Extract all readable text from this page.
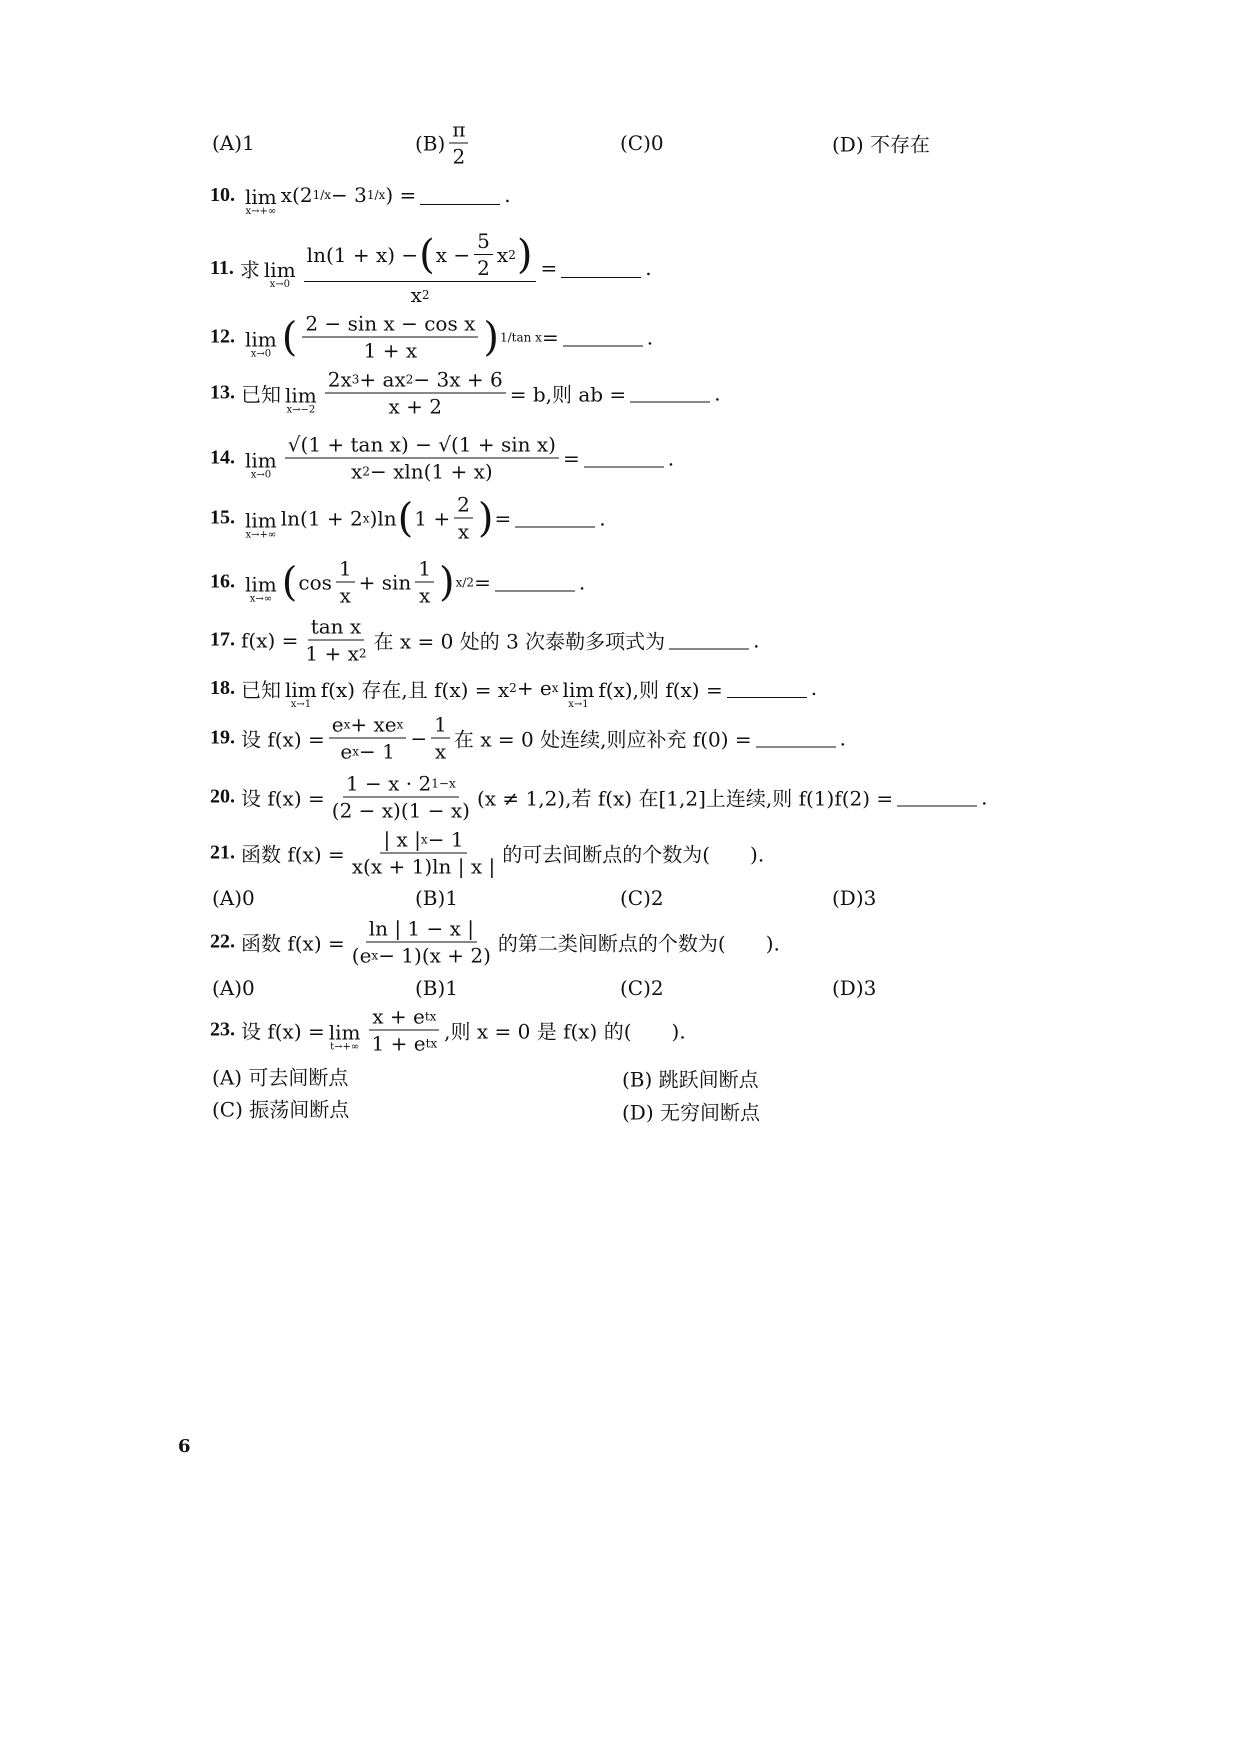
10. lim
x→+∞
x(2 1/x − 3 1/x ) =	.
11. 求 lim
$x\to 0 \frac{\ln(1 + x) - ( x - \frac{5}{2} x 2 )}{x 2}$ =	.
12. lim
x→0 ( $\frac{\text{2 − sin x − cos x}}{1 + x}$ ) 1/tan x =	.
13. 已知 lim
$x\to-2 \frac{2x 3 + ax 2 - 3x + 6}{x + 2} = b$,则 ab =	.
14. lim
$x\to 0 \frac{\text{√(1 + tan x) − √(1 + sin x)}}{x 2 - xln(1 + x)}$ =	.
15. lim
x→+∞
ln(1 + 2 x )ln ( $1 + \frac{2}{x}$ ) =	.
16. lim
x→∞ ( $\cos \frac{1}{x} + \sin \frac{1}{x}$ ) x/2 =	.
17. $f(x) = \frac{\text{tan x}}{1 + x 2}$ 在 x = 0 处的 3 次泰勒多项式为	.
18. 已知 lim
x→1
f(x) 存在,且 f(x) = x 2 + e x lim
x→1
f(x),则 f(x) =	.
19. 设 $f(x) = \frac{\text{e x + xe x}}{\text{e x − 1}} - \frac{1}{x}$ 在 x = 0 处连续,则应补充 f(0) =	.
20. 设 $f(x) = \frac{1 - x \cdot 2 1-x}{(2 - x)(1 - x)} (x \ne 1,2)$,若 f(x) 在[1,2]上连续,则 f(1)f(2) =	.
21. 函数 $f(x) = \frac{| x | x - 1}{x(x + 1)\ln | x |}$ 的可去间断点的个数为(　　).
22. 函数 $f(x) = \frac{\ln | 1 - x |}{\text{(e x − 1)(x + 2)}}$ 的第二类间断点的个数为(　　).
23. 设 f(x) = lim
$t\to+\infty \frac{\text{x + e tx}}{\text{1 + e tx}}$ ,则 x = 0 是 f(x) 的(　　).
(A)1	$(B) \frac{\pi}{2}$	(C)0	(D) 不存在
(A)0	(B)1	(C)2	(D)3
(A)0	(B)1	(C)2	(D)3
(A) 可去间断点	(B) 跳跃间断点
(C) 振荡间断点	(D) 无穷间断点
6
